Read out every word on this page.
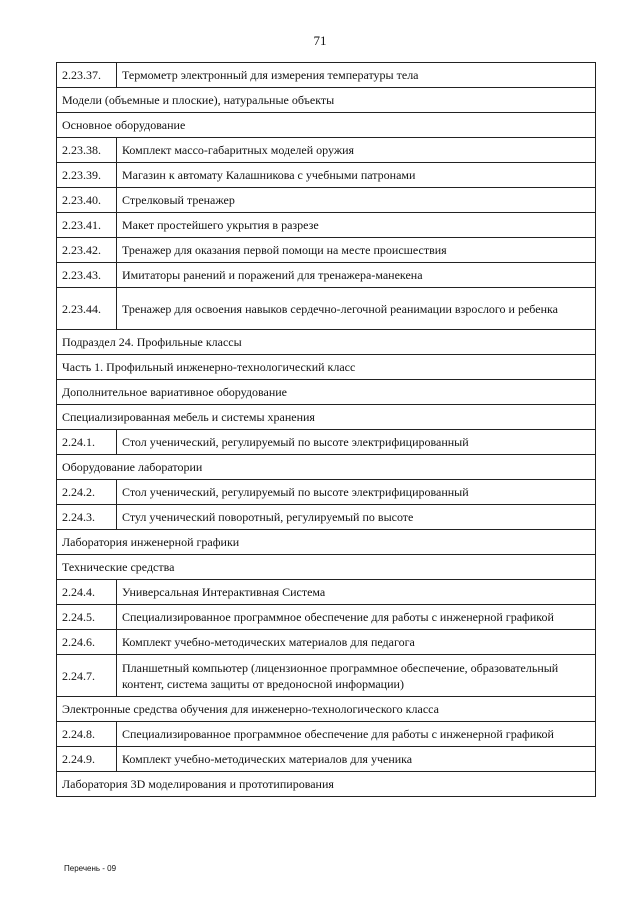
71
2.23.37.	Термометр электронный для измерения температуры тела
Модели (объемные и плоские), натуральные объекты	
Основное оборудование	
2.23.38.	Комплект массо-габаритных моделей оружия
2.23.39.	Магазин к автомату Калашникова с учебными патронами
2.23.40.	Стрелковый тренажер
2.23.41.	Макет простейшего укрытия в разрезе
2.23.42.	Тренажер для оказания первой помощи на месте происшествия
2.23.43.	Имитаторы ранений и поражений для тренажера-манекена
2.23.44.	Тренажер для освоения навыков сердечно-легочной реанимации взрослого и ребенка
Подраздел 24. Профильные классы	
Часть 1. Профильный инженерно-технологический класс	
Дополнительное вариативное оборудование	
Специализированная мебель и системы хранения	
2.24.1.	Стол ученический, регулируемый по высоте электрифицированный
Оборудование лаборатории	
2.24.2.	Стол ученический, регулируемый по высоте электрифицированный
2.24.3.	Стул ученический поворотный, регулируемый по высоте
Лаборатория инженерной графики	
Технические средства	
2.24.4.	Универсальная Интерактивная Система
2.24.5.	Специализированное программное обеспечение для работы с инженерной графикой
2.24.6.	Комплект учебно-методических материалов для педагога
2.24.7.	Планшетный компьютер (лицензионное программное обеспечение, образовательный контент, система защиты от вредоносной информации)
Электронные средства обучения для инженерно-технологического класса	
2.24.8.	Специализированное программное обеспечение для работы с инженерной графикой
2.24.9.	Комплект учебно-методических материалов для ученика
Лаборатория 3D моделирования и прототипирования	
Перечень - 09
